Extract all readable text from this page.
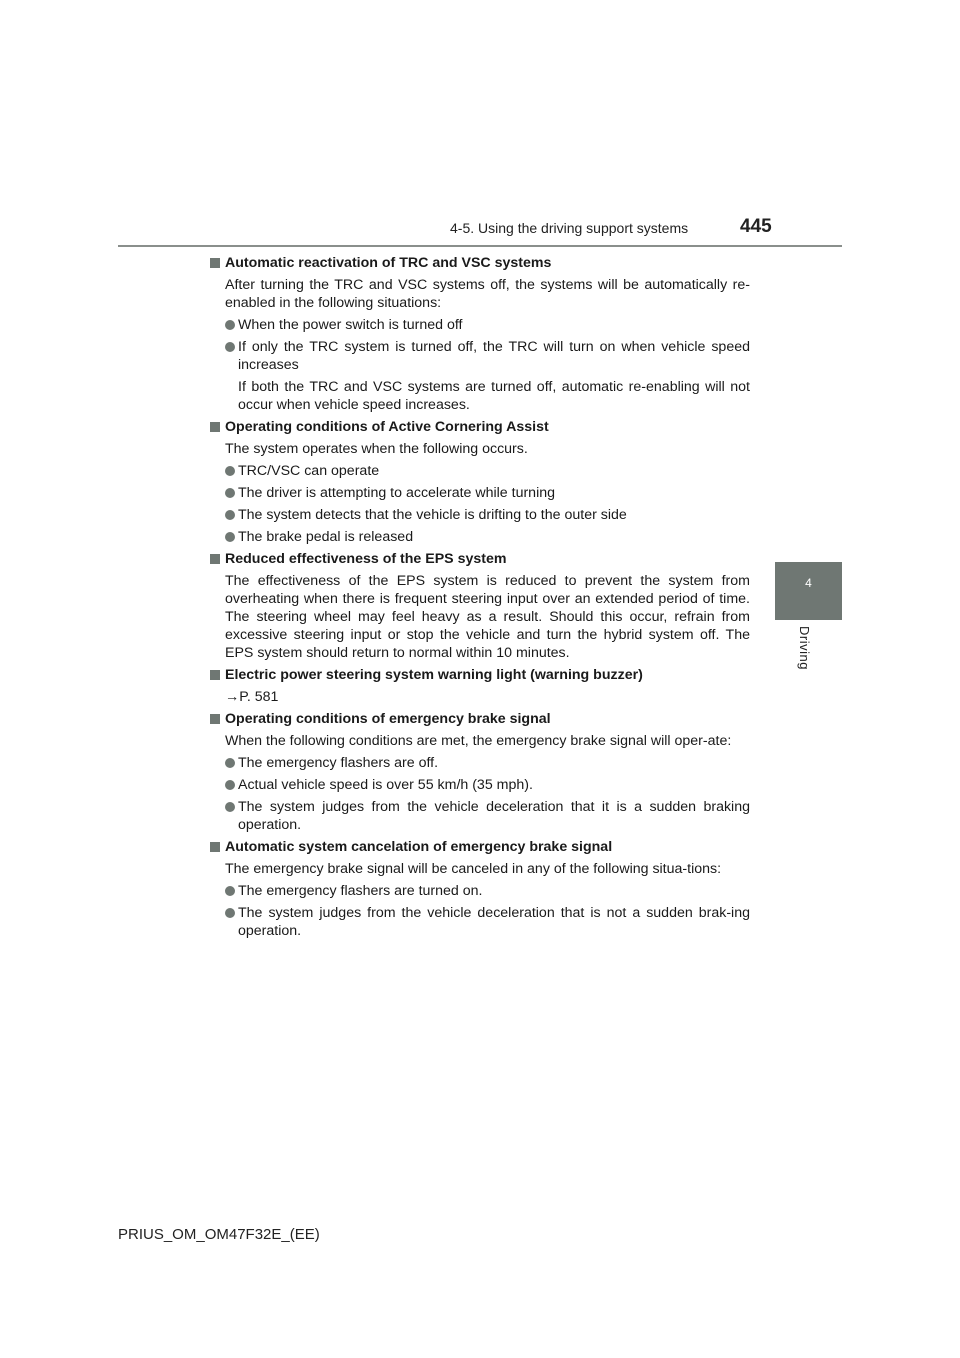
4-5. Using the driving support systems	445
4
Driving
Automatic reactivation of TRC and VSC systems
After turning the TRC and VSC systems off, the systems will be automatically re-enabled in the following situations:
When the power switch is turned off
If only the TRC system is turned off, the TRC will turn on when vehicle speed increases
If both the TRC and VSC systems are turned off, automatic re-enabling will not occur when vehicle speed increases.
Operating conditions of Active Cornering Assist
The system operates when the following occurs.
TRC/VSC can operate
The driver is attempting to accelerate while turning
The system detects that the vehicle is drifting to the outer side
The brake pedal is released
Reduced effectiveness of the EPS system
The effectiveness of the EPS system is reduced to prevent the system from overheating when there is frequent steering input over an extended period of time. The steering wheel may feel heavy as a result. Should this occur, refrain from excessive steering input or stop the vehicle and turn the hybrid system off. The EPS system should return to normal within 10 minutes.
Electric power steering system warning light (warning buzzer)
→P. 581
Operating conditions of emergency brake signal
When the following conditions are met, the emergency brake signal will oper-ate:
The emergency flashers are off.
Actual vehicle speed is over 55 km/h (35 mph).
The system judges from the vehicle deceleration that it is a sudden braking operation.
Automatic system cancelation of emergency brake signal
The emergency brake signal will be canceled in any of the following situa-tions:
The emergency flashers are turned on.
The system judges from the vehicle deceleration that is not a sudden brak-ing operation.
PRIUS_OM_OM47F32E_(EE)
